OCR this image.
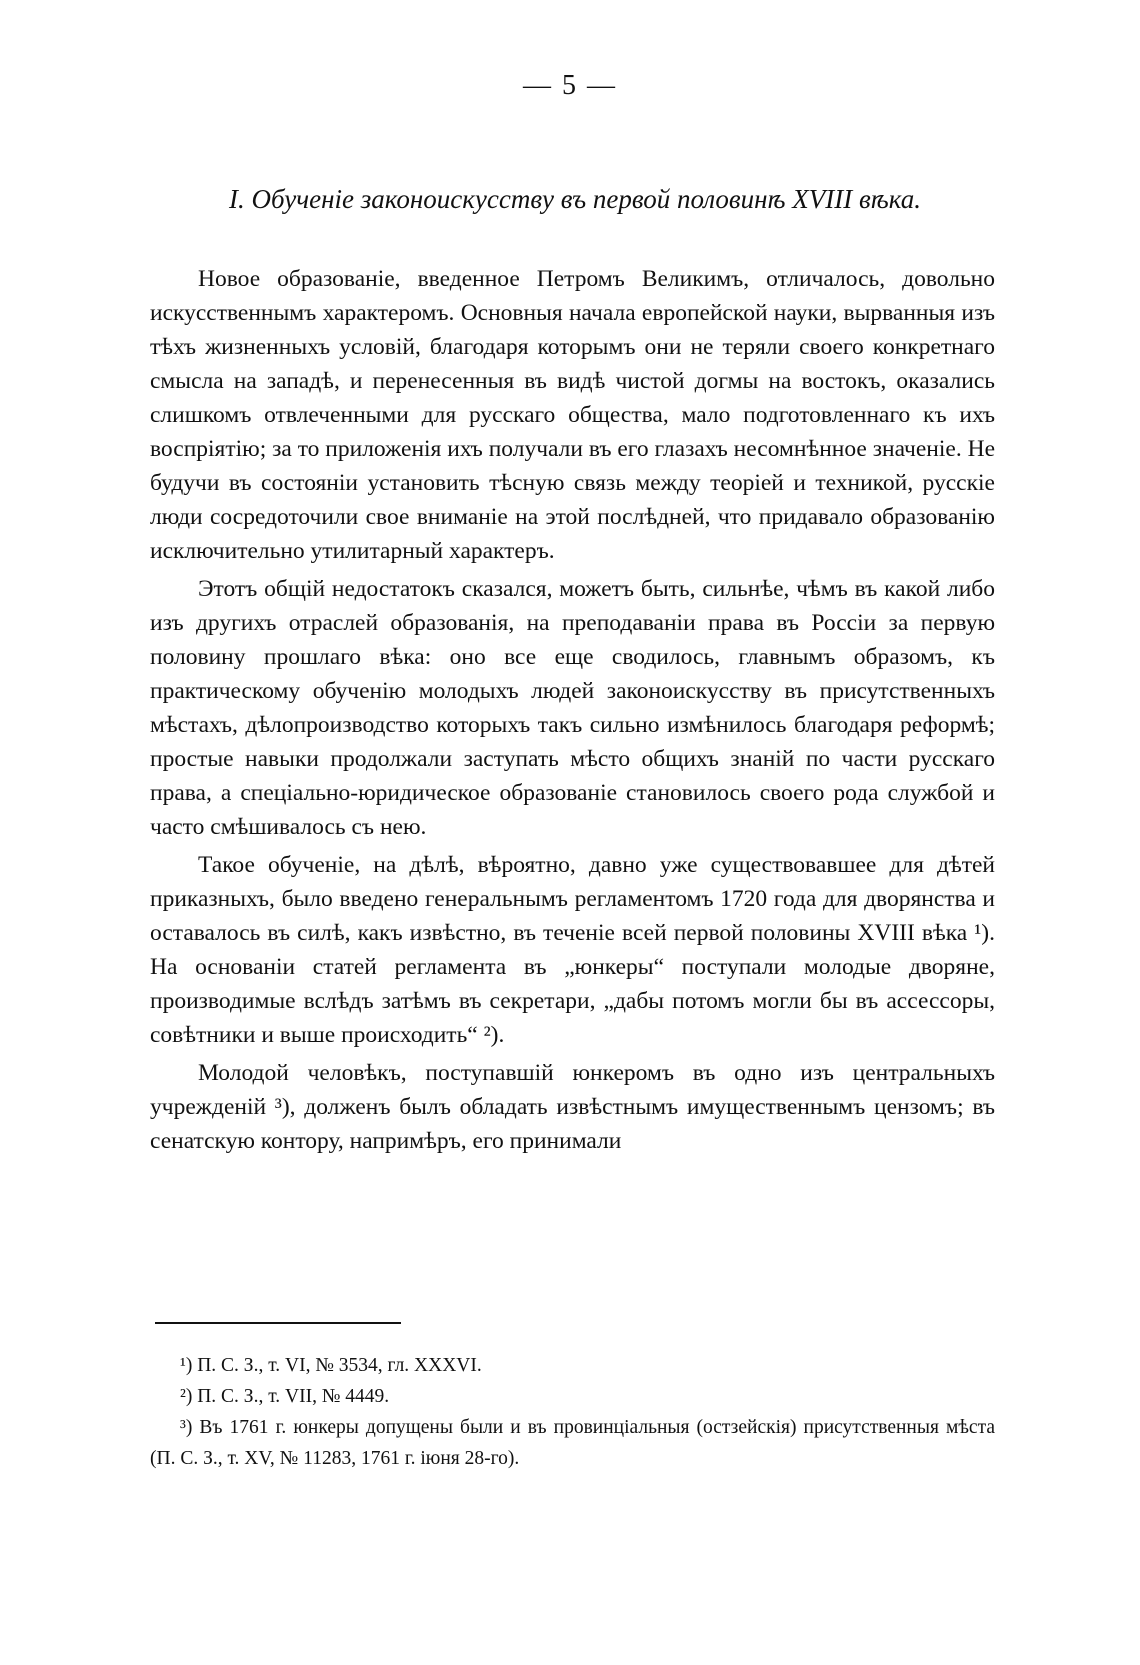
— 5 —
I. Обученіе законоискусству въ первой половинѣ XVIII вѣка.

Новое образованіе, введенное Петромъ Великимъ, отличалось, довольно искусственнымъ характеромъ. Основныя начала европейской науки, вырванныя изъ тѣхъ жизненныхъ условій, благодаря которымъ они не теряли своего конкретнаго смысла на западѣ, и перенесенныя въ видѣ чистой догмы на востокъ, оказались слишкомъ отвлеченными для русскаго общества, мало подготовленнаго къ ихъ воспріятію; за то приложенія ихъ получали въ его глазахъ несомнѣнное значеніе. Не будучи въ состояніи установить тѣсную связь между теоріей и техникой, русскіе люди сосредоточили свое вниманіе на этой послѣдней, что придавало образованію исключительно утилитарный характеръ.

Этотъ общій недостатокъ сказался, можетъ быть, сильнѣе, чѣмъ въ какой либо изъ другихъ отраслей образованія, на преподаваніи права въ Россіи за первую половину прошлаго вѣка: оно все еще сводилось, главнымъ образомъ, къ практическому обученію молодыхъ людей законоискусству въ присутственныхъ мѣстахъ, дѣлопроизводство которыхъ такъ сильно измѣнилось благодаря реформѣ; простые навыки продолжали заступать мѣсто общихъ знаній по части русскаго права, а спеціально-юридическое образованіе становилось своего рода службой и часто смѣшивалось съ нею.

Такое обученіе, на дѣлѣ, вѣроятно, давно уже существовавшее для дѣтей приказныхъ, было введено генеральнымъ регламентомъ 1720 года для дворянства и оставалось въ силѣ, какъ извѣстно, въ теченіе всей первой половины XVIII вѣка ¹). На основаніи статей регламента въ „юнкеры“ поступали молодые дворяне, производимые вслѣдъ затѣмъ въ секретари, „дабы потомъ могли бы въ ассессоры, совѣтники и выше происходить“ ²).

Молодой человѣкъ, поступавшій юнкеромъ въ одно изъ центральныхъ учрежденій ³), долженъ былъ обладать извѣстнымъ имущественнымъ цензомъ; въ сенатскую контору, напримѣръ, его принимали

¹) П. С. З., т. VI, № 3534, гл. XXXVI.

²) П. С. З., т. VII, № 4449.

³) Въ 1761 г. юнкеры допущены были и въ провинціальныя (остзейскія) присутственныя мѣста (П. С. З., т. XV, № 11283, 1761 г. іюня 28-го).
